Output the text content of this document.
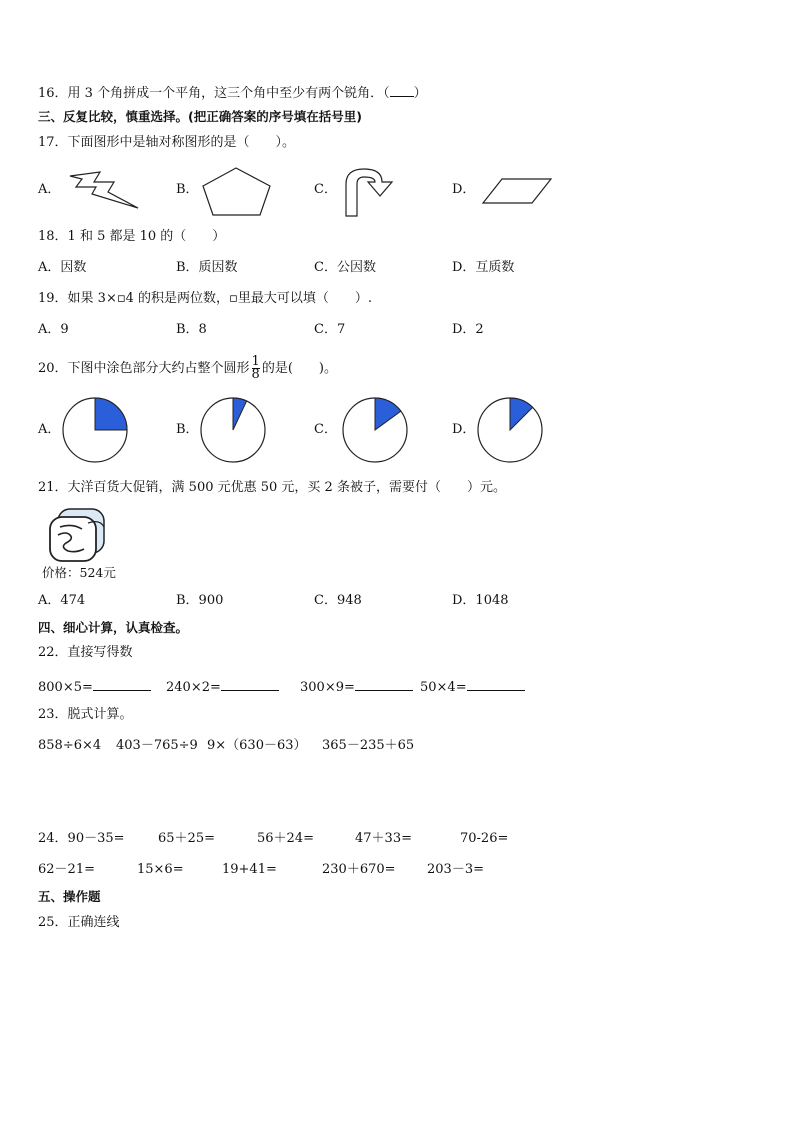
16．用 3 个角拼成一个平角，这三个角中至少有两个锐角．（ ）
三、反复比较，慎重选择。(把正确答案的序号填在括号里)
17．下面图形中是轴对称图形的是（　　）。
A．	B．	C．	D．
18．1 和 5 都是 10 的（　　）
A．因数	B．质因数	C．公因数	D．互质数
19．如果 3×▫4 的积是两位数，▫里最大可以填（　　）.
A．9	B．8	C．7	D．2
20．下图中涂色部分大约占整个圆形 $\frac{1}{8}$ 的是(　　)。
A．	B．	C．	D．
21．大洋百货大促销，满 500 元优惠 50 元，买 2 条被子，需要付（　　）元。
价格：524元
A．474	B．900	C．948	D．1048
四、细心计算，认真检查。
22．直接写得数
800×5=	240×2=	300×9=	50×4=
23．脱式计算。
858÷6×4 403－765÷9 9×（630－63） 365－235＋65
24．90－35=	65＋25=	56＋24=	47＋33=	70-26=
62－21=	15×6=	19+41=	230＋670= 203－3=
五、操作题
25．正确连线
